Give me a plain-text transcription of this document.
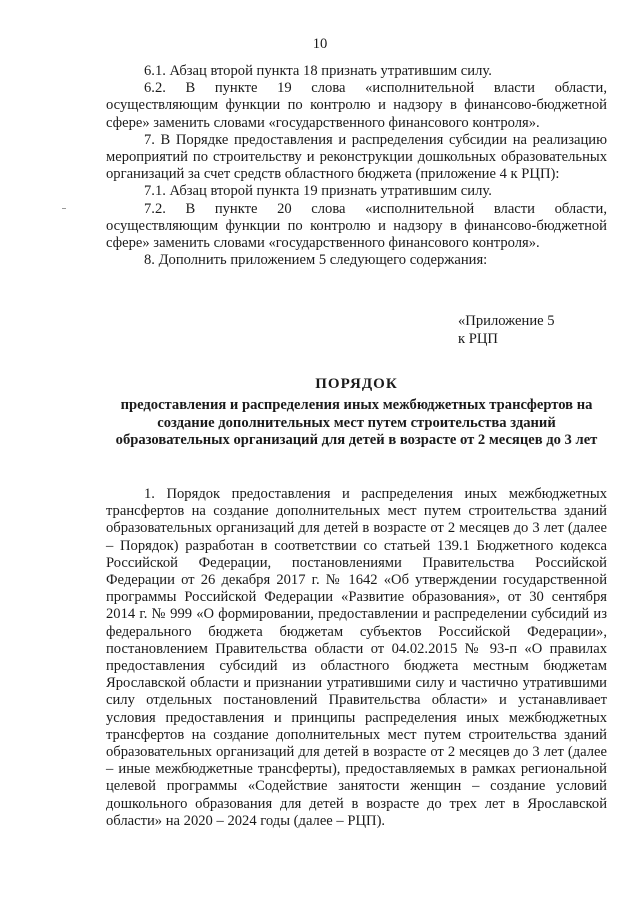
10

6.1. Абзац второй пункта 18 признать утратившим силу.

6.2. В пункте 19 слова «исполнительной власти области, осуществляющим функции по контролю и надзору в финансово-бюджетной сфере» заменить словами «государственного финансового контроля».

7. В Порядке предоставления и распределения субсидии на реализацию мероприятий по строительству и реконструкции дошкольных образовательных организаций за счет средств областного бюджета (приложение 4 к РЦП):

7.1. Абзац второй пункта 19 признать утратившим силу.

7.2. В пункте 20 слова «исполнительной власти области, осуществляющим функции по контролю и надзору в финансово-бюджетной сфере» заменить словами «государственного финансового контроля».

8. Дополнить приложением 5 следующего содержания:

«Приложение 5
к РЦП
ПОРЯДОК
предоставления и распределения иных межбюджетных трансфертов на создание дополнительных мест путем строительства зданий образовательных организаций для детей в возрасте от 2 месяцев до 3 лет

1. Порядок предоставления и распределения иных межбюджетных трансфертов на создание дополнительных мест путем строительства зданий образовательных организаций для детей в возрасте от 2 месяцев до 3 лет (далее – Порядок) разработан в соответствии со статьей 139.1 Бюджетного кодекса Российской Федерации, постановлениями Правительства Российской Федерации от 26 декабря 2017 г. № 1642 «Об утверждении государственной программы Российской Федерации «Развитие образования», от 30 сентября 2014 г. № 999 «О формировании, предоставлении и распределении субсидий из федерального бюджета бюджетам субъектов Российской Федерации», постановлением Правительства области от 04.02.2015 № 93-п «О правилах предоставления субсидий из областного бюджета местным бюджетам Ярославской области и признании утратившими силу и частично утратившими силу отдельных постановлений Правительства области» и устанавливает условия предоставления и принципы распределения иных межбюджетных трансфертов на создание дополнительных мест путем строительства зданий образовательных организаций для детей в возрасте от 2 месяцев до 3 лет (далее – иные межбюджетные трансферты), предоставляемых в рамках региональной целевой программы «Содействие занятости женщин – создание условий дошкольного образования для детей в возрасте до трех лет в Ярославской области» на 2020 – 2024 годы (далее – РЦП).
